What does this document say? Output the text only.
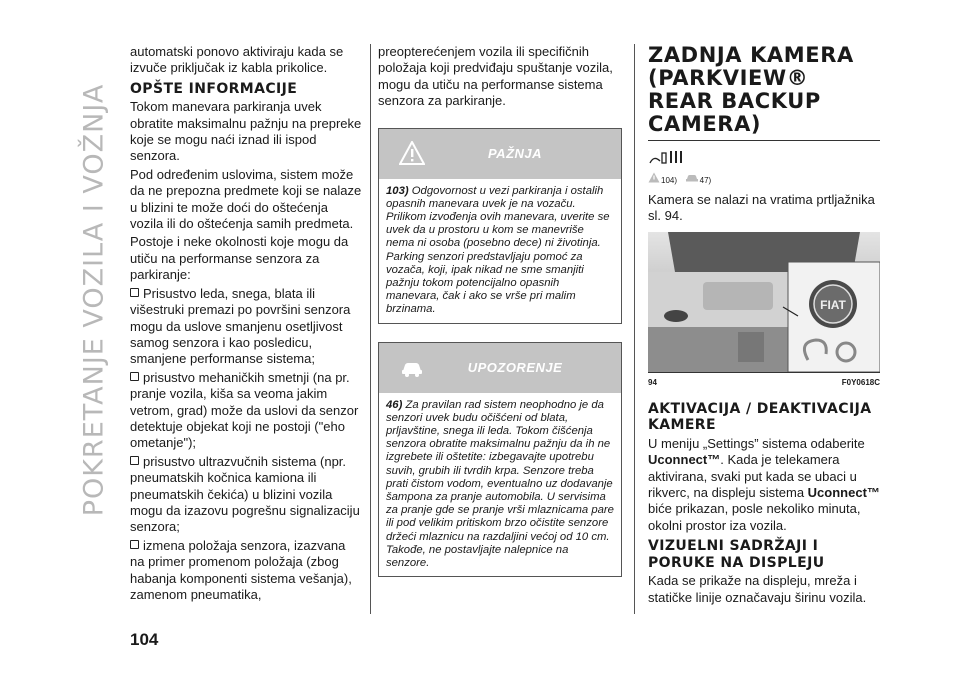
POKRETANJE VOZILA I VOŽNJA
104

automatski ponovo aktiviraju kada se izvuče priključak iz kabla prikolice.

OPŠTE INFORMACIJE

Tokom manevara parkiranja uvek obratite maksimalnu pažnju na prepreke koje se mogu naći iznad ili ispod senzora.

Pod određenim uslovima, sistem može da ne prepozna predmete koji se nalaze u blizini te može doći do oštećenja vozila ili do oštećenja samih predmeta.

Postoje i neke okolnosti koje mogu da utiču na performanse senzora za parkiranje:

Prisustvo leda, snega, blata ili višestruki premazi po površini senzora mogu da uslove smanjenu osetljivost samog senzora i kao posledicu, smanjene performanse sistema;

prisustvo mehaničkih smetnji (na pr. pranje vozila, kiša sa veoma jakim vetrom, grad) može da uslovi da senzor detektuje objekat koji ne postoji ("eho ometanje");

prisustvo ultrazvučnih sistema (npr. pneumatskih kočnica kamiona ili pneumatskih čekića) u blizini vozila mogu da izazovu pogrešnu signalizaciju senzora;

izmena položaja senzora, izazvana na primer promenom položaja (zbog habanja komponenti sistema vešanja), zamenom pneumatika,

preopterećenjem vozila ili specifičnih položaja koji predviđaju spuštanje vozila, mogu da utiču na performanse sistema senzora za parkiranje.

PAŽNJA
103) Odgovornost u vezi parkiranja i ostalih opasnih manevara uvek je na vozaču. Prilikom izvođenja ovih manevara, uverite se uvek da u prostoru u kom se manevriše nema ni osoba (posebno dece) ni životinja. Parking senzori predstavljaju pomoć za vozača, koji, ipak nikad ne sme smanjiti pažnju tokom potencijalno opasnih manevara, čak i ako se vrše pri malim brzinama.
UPOZORENJE
46) Za pravilan rad sistem neophodno je da senzori uvek budu očišćeni od blata, prljavštine, snega ili leda. Tokom čišćenja senzora obratite maksimalnu pažnju da ih ne izgrebete ili oštetite: izbegavajte upotrebu suvih, grubih ili tvrdih krpa. Senzore treba prati čistom vodom, eventualno uz dodavanje šampona za pranje automobila. U servisima za pranje gde se pranje vrši mlaznicama pare ili pod velikim pritiskom brzo očistite senzore držeći mlaznicu na razdaljini većoj od 10 cm. Takođe, ne postavljajte nalepnice na senzore.
ZADNJA KAMERA (PARKVIEW® REAR BACKUP CAMERA)

104)	47)

Kamera se nalazi na vratima prtljažnika sl. 94.

FIAT
94	F0Y0618C
AKTIVACIJA / DEAKTIVACIJA KAMERE

U meniju „Settings” sistema odaberite Uconnect™. Kada je telekamera aktivirana, svaki put kada se ubaci u rikverc, na displeju sistema Uconnect™ biće prikazan, posle nekoliko minuta, okolni prostor iza vozila.

VIZUELNI SADRŽAJI I PORUKE NA DISPLEJU

Kada se prikaže na displeju, mreža i statičke linije označavaju širinu vozila.
